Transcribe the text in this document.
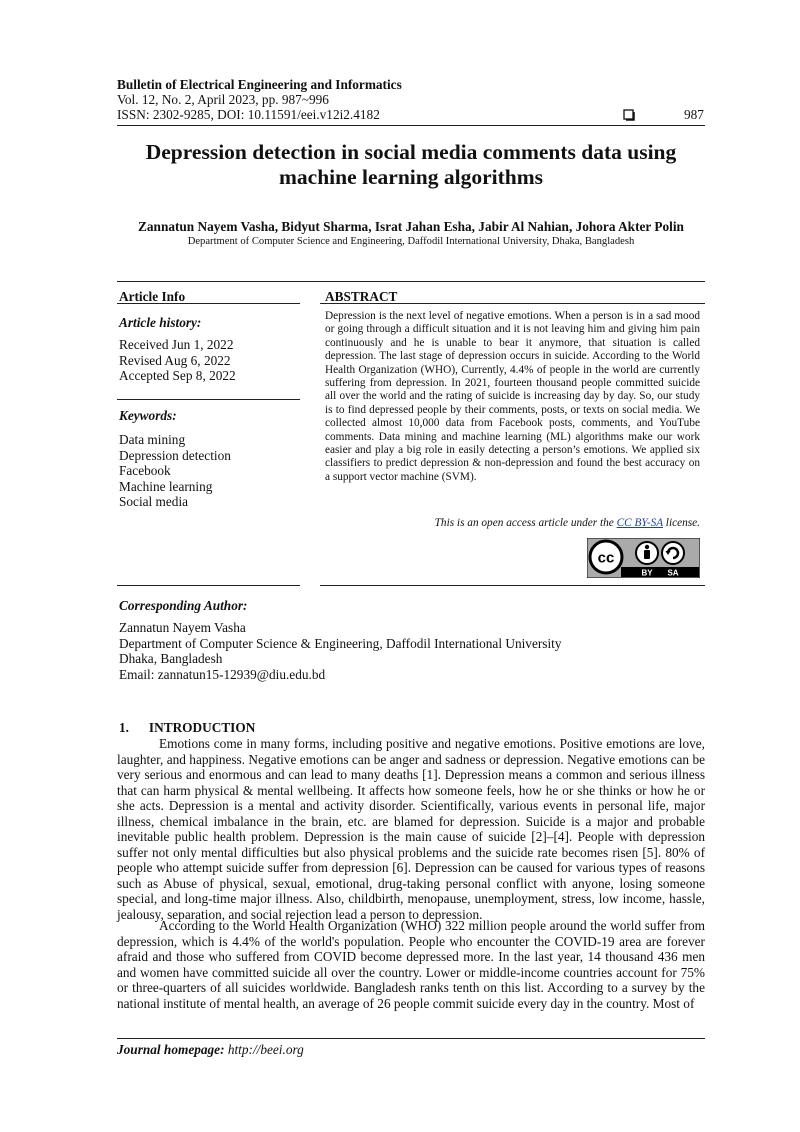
Bulletin of Electrical Engineering and Informatics
Vol. 12, No. 2, April 2023, pp. 987~996
ISSN: 2302-9285, DOI: 10.11591/eei.v12i2.4182	987
Depression detection in social media comments data using machine learning algorithms
Zannatun Nayem Vasha, Bidyut Sharma, Israt Jahan Esha, Jabir Al Nahian, Johora Akter Polin
Department of Computer Science and Engineering, Daffodil International University, Dhaka, Bangladesh
Article Info
Article history:
Received Jun 1, 2022
Revised Aug 6, 2022
Accepted Sep 8, 2022
Keywords:
Data mining
Depression detection
Facebook
Machine learning
Social media
ABSTRACT
Depression is the next level of negative emotions. When a person is in a sad mood or going through a difficult situation and it is not leaving him and giving him pain continuously and he is unable to bear it anymore, that situation is called depression. The last stage of depression occurs in suicide. According to the World Health Organization (WHO), Currently, 4.4% of people in the world are currently suffering from depression. In 2021, fourteen thousand people committed suicide all over the world and the rating of suicide is increasing day by day. So, our study is to find depressed people by their comments, posts, or texts on social media. We collected almost 10,000 data from Facebook posts, comments, and YouTube comments. Data mining and machine learning (ML) algorithms make our work easier and play a big role in easily detecting a person’s emotions. We applied six classifiers to predict depression & non-depression and found the best accuracy on a support vector machine (SVM).
This is an open access article under the CC BY-SA license.
cc
BY SA
Corresponding Author:
Zannatun Nayem Vasha
Department of Computer Science & Engineering, Daffodil International University
Dhaka, Bangladesh
Email: zannatun15-12939@diu.edu.bd
1.      INTRODUCTION

Emotions come in many forms, including positive and negative emotions. Positive emotions are love, laughter, and happiness. Negative emotions can be anger and sadness or depression. Negative emotions can be very serious and enormous and can lead to many deaths [1]. Depression means a common and serious illness that can harm physical & mental wellbeing. It affects how someone feels, how he or she thinks or how he or she acts. Depression is a mental and activity disorder. Scientifically, various events in personal life, major illness, chemical imbalance in the brain, etc. are blamed for depression. Suicide is a major and probable inevitable public health problem. Depression is the main cause of suicide [2]–[4]. People with depression suffer not only mental difficulties but also physical problems and the suicide rate becomes risen [5]. 80% of people who attempt suicide suffer from depression [6]. Depression can be caused for various types of reasons such as Abuse of physical, sexual, emotional, drug-taking personal conflict with anyone, losing someone special, and long-time major illness. Also, childbirth, menopause, unemployment, stress, low income, hassle, jealousy, separation, and social rejection lead a person to depression.

According to the World Health Organization (WHO) 322 million people around the world suffer from depression, which is 4.4% of the world's population. People who encounter the COVID-19 area are forever afraid and those who suffered from COVID become depressed more. In the last year, 14 thousand 436 men and women have committed suicide all over the country. Lower or middle-income countries account for 75% or three-quarters of all suicides worldwide. Bangladesh ranks tenth on this list. According to a survey by the national institute of mental health, an average of 26 people commit suicide every day in the country. Most of

Journal homepage: http://beei.org
